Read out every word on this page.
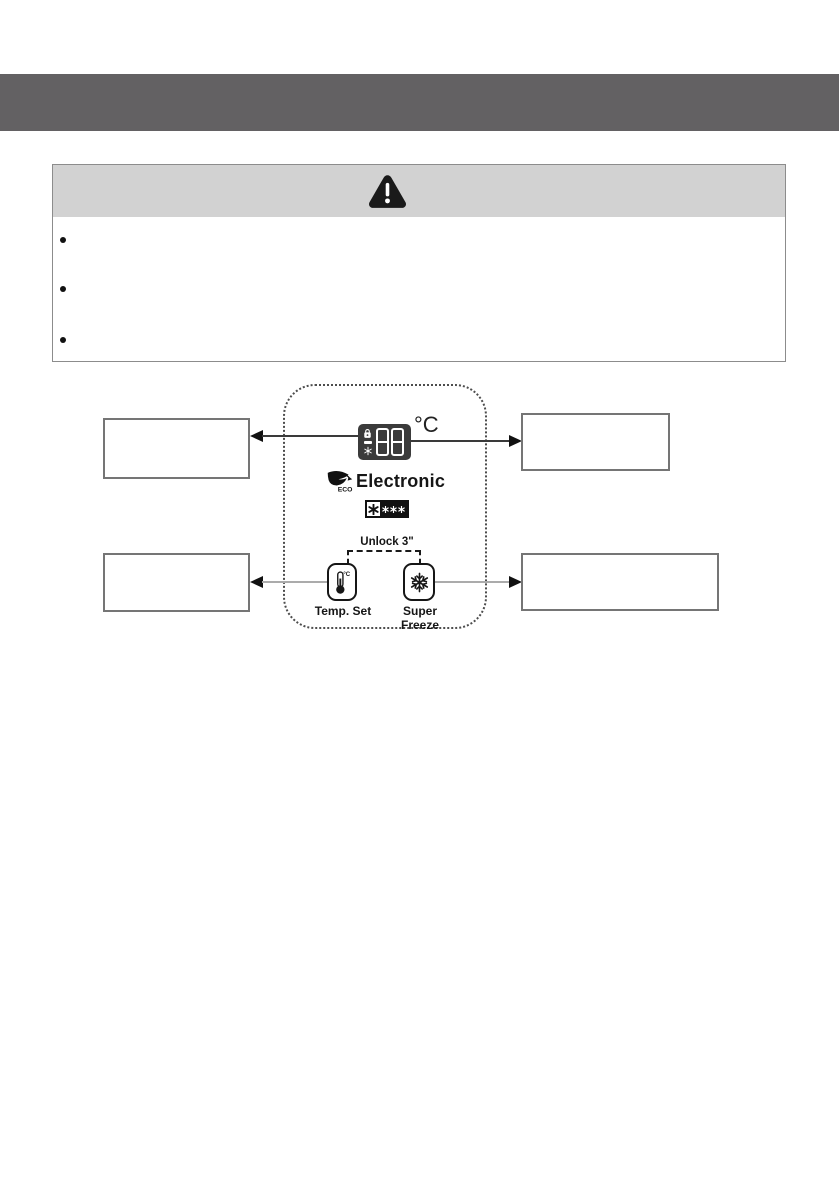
°C
ECO Electronic
Unlock 3"
°C
Temp. Set	Super Freeze
